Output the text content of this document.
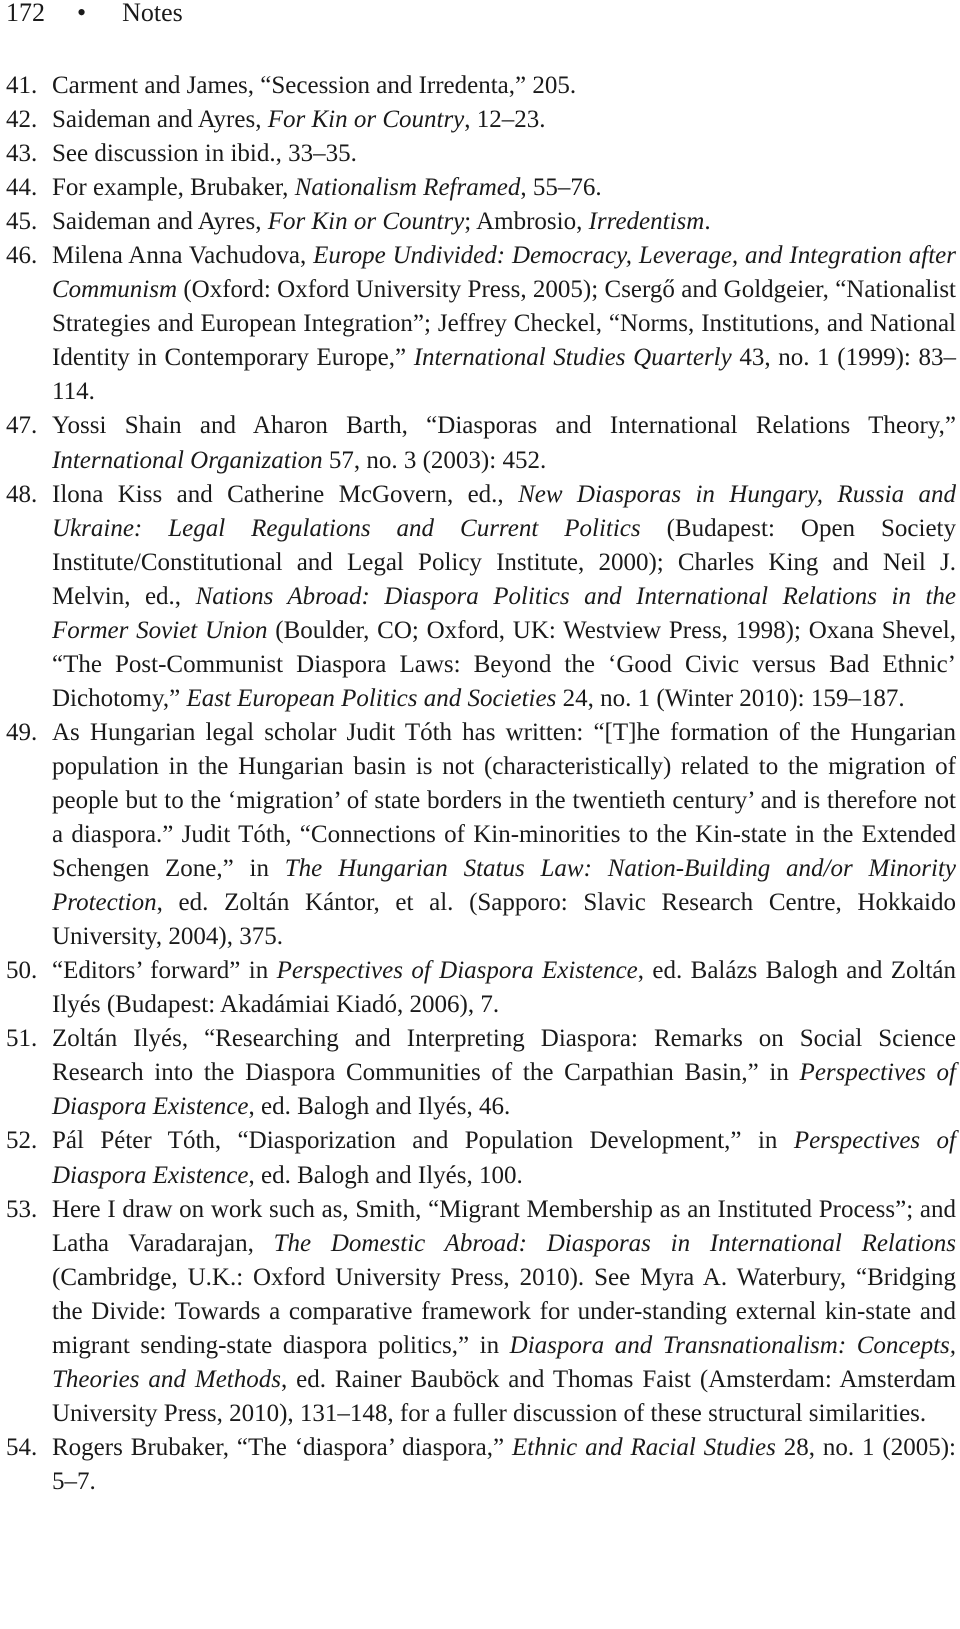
172 • Notes
41. Carment and James, “Secession and Irredenta,” 205.
42. Saideman and Ayres, For Kin or Country, 12–23.
43. See discussion in ibid., 33–35.
44. For example, Brubaker, Nationalism Reframed, 55–76.
45. Saideman and Ayres, For Kin or Country; Ambrosio, Irredentism.
46. Milena Anna Vachudova, Europe Undivided: Democracy, Leverage, and Integration after Communism (Oxford: Oxford University Press, 2005); Csergő and Goldgeier, “Nationalist Strategies and European Integration”; Jeffrey Checkel, “Norms, Institutions, and National Identity in Contemporary Europe,” International Studies Quarterly 43, no. 1 (1999): 83–114.
47. Yossi Shain and Aharon Barth, “Diasporas and International Relations Theory,” International Organization 57, no. 3 (2003): 452.
48. Ilona Kiss and Catherine McGovern, ed., New Diasporas in Hungary, Russia and Ukraine: Legal Regulations and Current Politics (Budapest: Open Society Institute/Constitutional and Legal Policy Institute, 2000); Charles King and Neil J. Melvin, ed., Nations Abroad: Diaspora Politics and International Relations in the Former Soviet Union (Boulder, CO; Oxford, UK: Westview Press, 1998); Oxana Shevel, “The Post-Communist Diaspora Laws: Beyond the ‘Good Civic versus Bad Ethnic’ Dichotomy,” East European Politics and Societies 24, no. 1 (Winter 2010): 159–187.
49. As Hungarian legal scholar Judit Tóth has written: “[T]he formation of the Hungarian population in the Hungarian basin is not (characteristically) related to the migration of people but to the ‘migration’ of state borders in the twentieth century’ and is therefore not a diaspora.” Judit Tóth, “Connections of Kin-minorities to the Kin-state in the Extended Schengen Zone,” in The Hungarian Status Law: Nation-Building and/or Minority Protection, ed. Zoltán Kántor, et al. (Sapporo: Slavic Research Centre, Hokkaido University, 2004), 375.
50. “Editors’ forward” in Perspectives of Diaspora Existence, ed. Balázs Balogh and Zoltán Ilyés (Budapest: Akadámiai Kiadó, 2006), 7.
51. Zoltán Ilyés, “Researching and Interpreting Diaspora: Remarks on Social Science Research into the Diaspora Communities of the Carpathian Basin,” in Perspectives of Diaspora Existence, ed. Balogh and Ilyés, 46.
52. Pál Péter Tóth, “Diasporization and Population Development,” in Perspectives of Diaspora Existence, ed. Balogh and Ilyés, 100.
53. Here I draw on work such as, Smith, “Migrant Membership as an Instituted Process”; and Latha Varadarajan, The Domestic Abroad: Diasporas in International Relations (Cambridge, U.K.: Oxford University Press, 2010). See Myra A. Waterbury, “Bridging the Divide: Towards a comparative framework for under-standing external kin-state and migrant sending-state diaspora politics,” in Diaspora and Transnationalism: Concepts, Theories and Methods, ed. Rainer Bauböck and Thomas Faist (Amsterdam: Amsterdam University Press, 2010), 131–148, for a fuller discussion of these structural similarities.
54. Rogers Brubaker, “The ‘diaspora’ diaspora,” Ethnic and Racial Studies 28, no. 1 (2005): 5–7.
